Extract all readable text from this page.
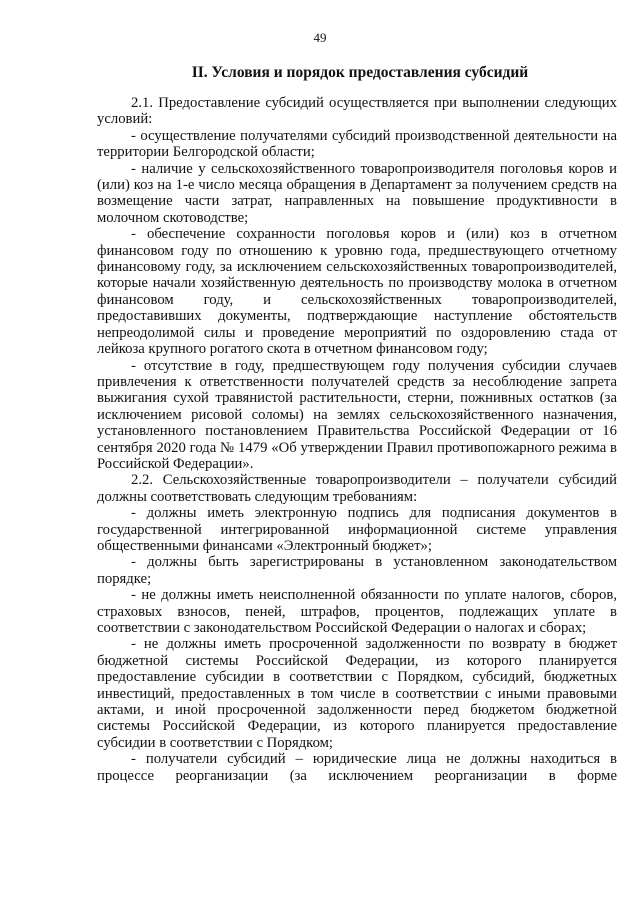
49
II. Условия и порядок предоставления субсидий

2.1. Предоставление субсидий осуществляется при выполнении следующих условий:

- осуществление получателями субсидий производственной деятельности на территории Белгородской области;

- наличие у сельскохозяйственного товаропроизводителя поголовья коров и (или) коз на 1-е число месяца обращения в Департамент за получением средств на возмещение части затрат, направленных на повышение продуктивности в молочном скотоводстве;

- обеспечение сохранности поголовья коров и (или) коз в отчетном финансовом году по отношению к уровню года, предшествующего отчетному финансовому году, за исключением сельскохозяйственных товаропроизводителей, которые начали хозяйственную деятельность по производству молока в отчетном финансовом году, и сельскохозяйственных товаропроизводителей, предоставивших документы, подтверждающие наступление обстоятельств непреодолимой силы и проведение мероприятий по оздоровлению стада от лейкоза крупного рогатого скота в отчетном финансовом году;

- отсутствие в году, предшествующем году получения субсидии случаев привлечения к ответственности получателей средств за несоблюдение запрета выжигания сухой травянистой растительности, стерни, пожнивных остатков (за исключением рисовой соломы) на землях сельскохозяйственного назначения, установленного постановлением Правительства Российской Федерации от 16 сентября 2020 года № 1479 «Об утверждении Правил противопожарного режима в Российской Федерации».

2.2. Сельскохозяйственные товаропроизводители – получатели субсидий должны соответствовать следующим требованиям:

- должны иметь электронную подпись для подписания документов в государственной интегрированной информационной системе управления общественными финансами «Электронный бюджет»;

- должны быть зарегистрированы в установленном законодательством порядке;

- не должны иметь неисполненной обязанности по уплате налогов, сборов, страховых взносов, пеней, штрафов, процентов, подлежащих уплате в соответствии с законодательством Российской Федерации о налогах и сборах;

- не должны иметь просроченной задолженности по возврату в бюджет бюджетной системы Российской Федерации, из которого планируется предоставление субсидии в соответствии с Порядком, субсидий, бюджетных инвестиций, предоставленных в том числе в соответствии с иными правовыми актами, и иной просроченной задолженности перед бюджетом бюджетной системы Российской Федерации, из которого планируется предоставление субсидии в соответствии с Порядком;

- получатели субсидий – юридические лица не должны находиться в процессе реорганизации (за исключением реорганизации в форме
